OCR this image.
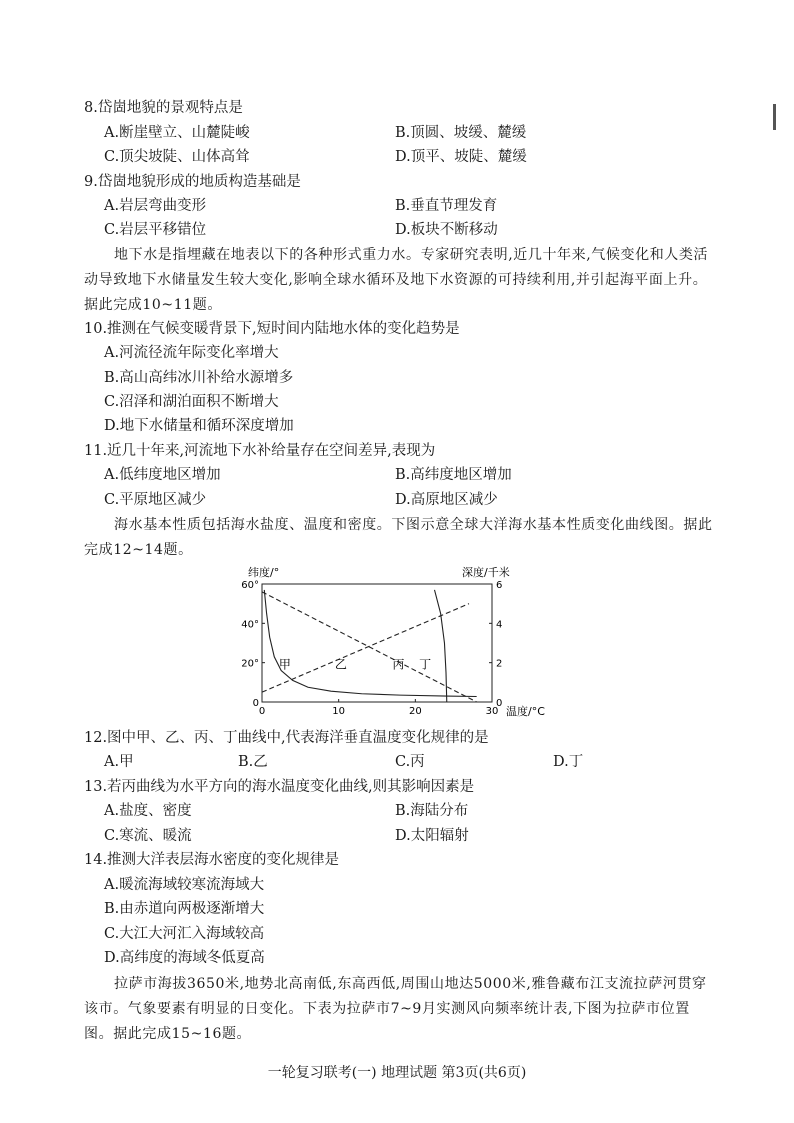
8.岱崮地貌的景观特点是
A.断崖壁立、山麓陡峻	B.顶圆、坡缓、麓缓
C.顶尖坡陡、山体高耸	D.顶平、坡陡、麓缓
9.岱崮地貌形成的地质构造基础是
A.岩层弯曲变形	B.垂直节理发育
C.岩层平移错位	D.板块不断移动
地下水是指埋藏在地表以下的各种形式重力水。专家研究表明,近几十年来,气候变化和人类活动导致地下水储量发生较大变化,影响全球水循环及地下水资源的可持续利用,并引起海平面上升。据此完成10~11题。
10.推测在气候变暖背景下,短时间内陆地水体的变化趋势是
A.河流径流年际变化率增大
B.高山高纬冰川补给水源增多
C.沼泽和湖泊面积不断增大
D.地下水储量和循环深度增加
11.近几十年来,河流地下水补给量存在空间差异,表现为
A.低纬度地区增加	B.高纬度地区增加
C.平原地区减少	D.高原地区减少
海水基本性质包括海水盐度、温度和密度。下图示意全球大洋海水基本性质变化曲线图。据此完成12~14题。
甲	乙	丙 丁
0	10	20	30
0
20°
40°
60°
0
2
4
6
纬度/°	深度/千米
温度/°C
12.图中甲、乙、丙、丁曲线中,代表海洋垂直温度变化规律的是
A.甲	B.乙	C.丙	D.丁
13.若丙曲线为水平方向的海水温度变化曲线,则其影响因素是
A.盐度、密度	B.海陆分布
C.寒流、暖流	D.太阳辐射
14.推测大洋表层海水密度的变化规律是
A.暖流海域较寒流海域大
B.由赤道向两极逐渐增大
C.大江大河汇入海域较高
D.高纬度的海域冬低夏高
拉萨市海拔3650米,地势北高南低,东高西低,周围山地达5000米,雅鲁藏布江支流拉萨河贯穿该市。气象要素有明显的日变化。下表为拉萨市7~9月实测风向频率统计表,下图为拉萨市位置图。据此完成15~16题。
一轮复习联考(一) 地理试题 第3页(共6页)
